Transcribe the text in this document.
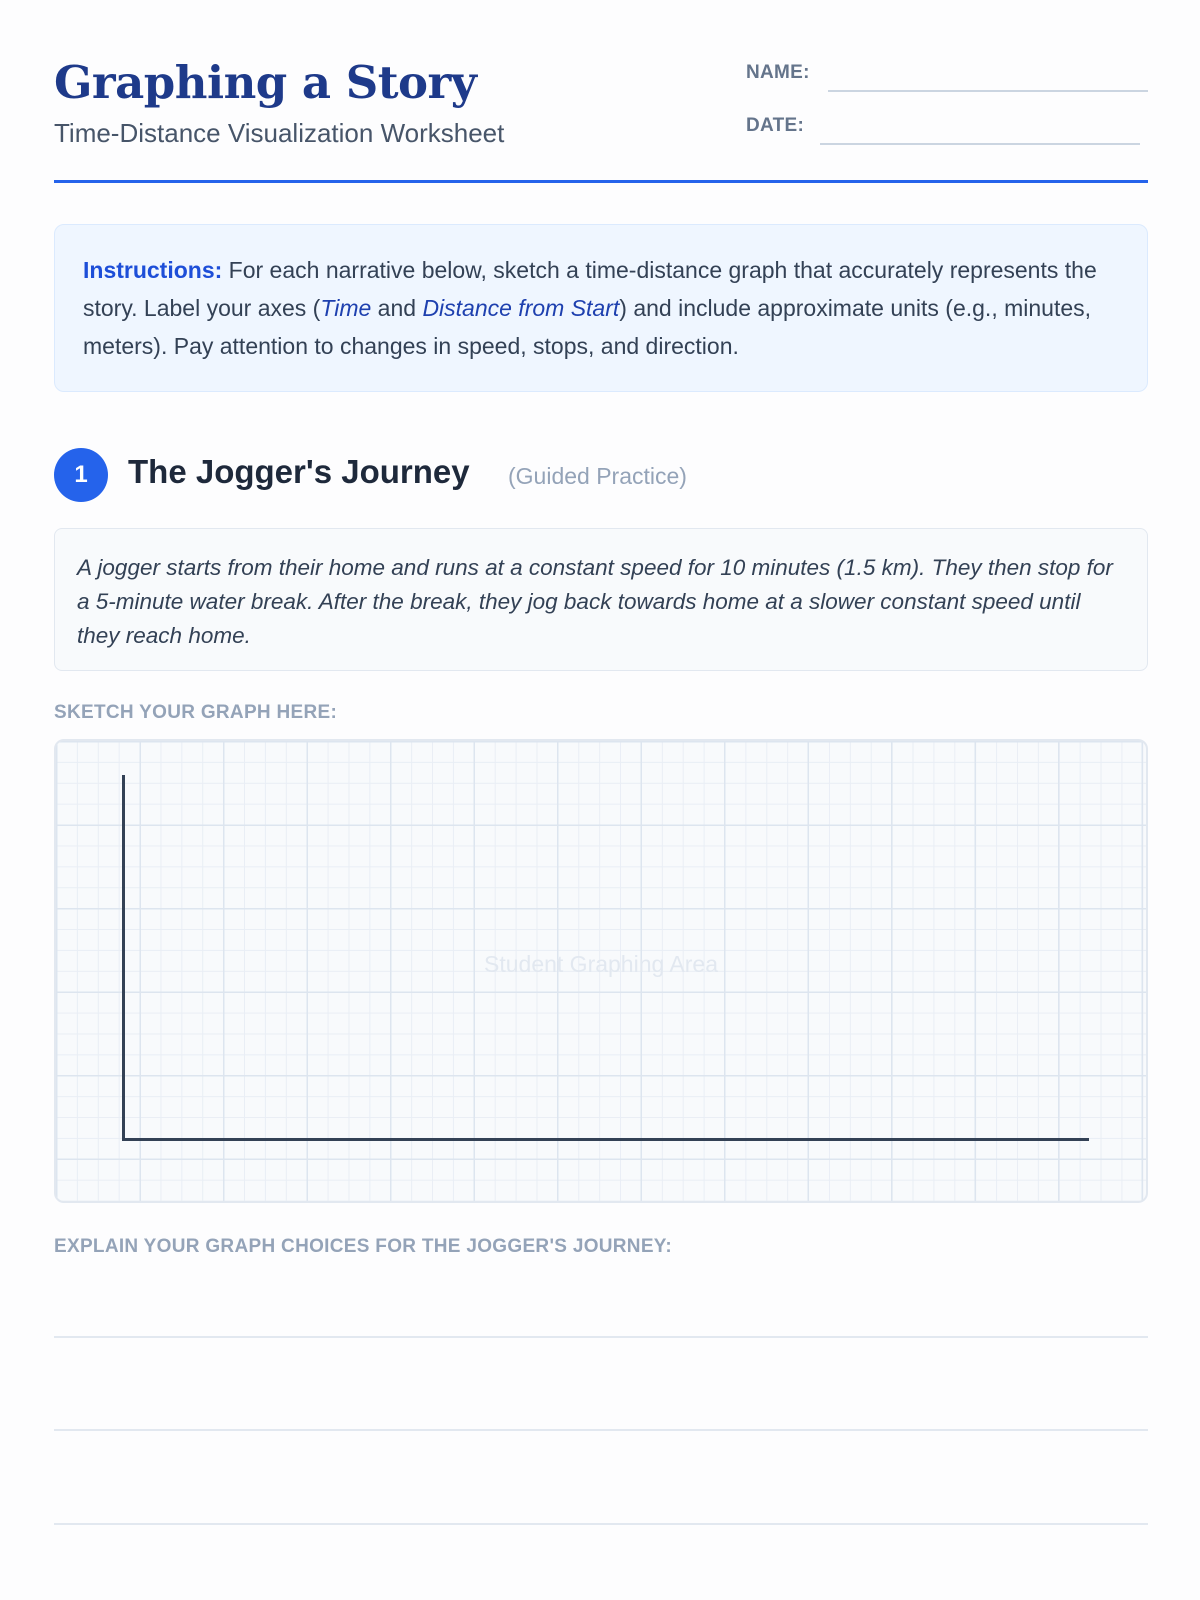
Graphing a Story
Time-Distance Visualization Worksheet
NAME:
DATE:
Instructions: For each narrative below, sketch a time-distance graph that accurately represents the story. Label your axes (Time and Distance from Start) and include approximate units (e.g., minutes, meters). Pay attention to changes in speed, stops, and direction.
1	The Jogger's Journey (Guided Practice)
A jogger starts from their home and runs at a constant speed for 10 minutes (1.5 km). They then stop for a 5-minute water break. After the break, they jog back towards home at a slower constant speed until they reach home.
SKETCH YOUR GRAPH HERE:
Student Graphing Area
EXPLAIN YOUR GRAPH CHOICES FOR THE JOGGER'S JOURNEY:
